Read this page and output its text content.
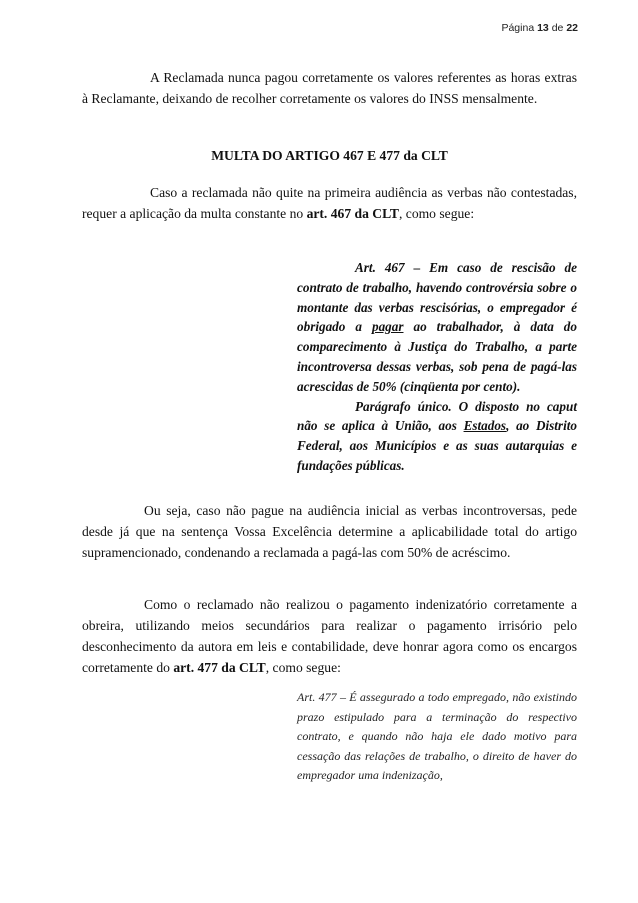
Página 13 de 22

A Reclamada nunca pagou corretamente os valores referentes as horas extras à Reclamante, deixando de recolher corretamente os valores do INSS mensalmente.

MULTA DO ARTIGO 467 E 477 da CLT

Caso a reclamada não quite na primeira audiência as verbas não contestadas, requer a aplicação da multa constante no art. 467 da CLT, como segue:

Art. 467 – Em caso de rescisão de contrato de trabalho, havendo controvérsia sobre o montante das verbas rescisórias, o empregador é obrigado a pagar ao trabalhador, à data do comparecimento à Justiça do Trabalho, a parte incontroversa dessas verbas, sob pena de pagá-las acrescidas de 50% (cinqüenta por cento).
Parágrafo único. O disposto no caput não se aplica à União, aos Estados, ao Distrito Federal, aos Municípios e as suas autarquias e fundações públicas.

Ou seja, caso não pague na audiência inicial as verbas incontroversas, pede desde já que na sentença Vossa Excelência determine a aplicabilidade total do artigo supramencionado, condenando a reclamada a pagá-las com 50% de acréscimo.

Como o reclamado não realizou o pagamento indenizatório corretamente a obreira, utilizando meios secundários para realizar o pagamento irrisório pelo desconhecimento da autora em leis e contabilidade, deve honrar agora como os encargos corretamente do art. 477 da CLT, como segue:

Art. 477 – É assegurado a todo empregado, não existindo prazo estipulado para a terminação do respectivo contrato, e quando não haja ele dado motivo para cessação das relações de trabalho, o direito de haver do empregador uma indenização,
